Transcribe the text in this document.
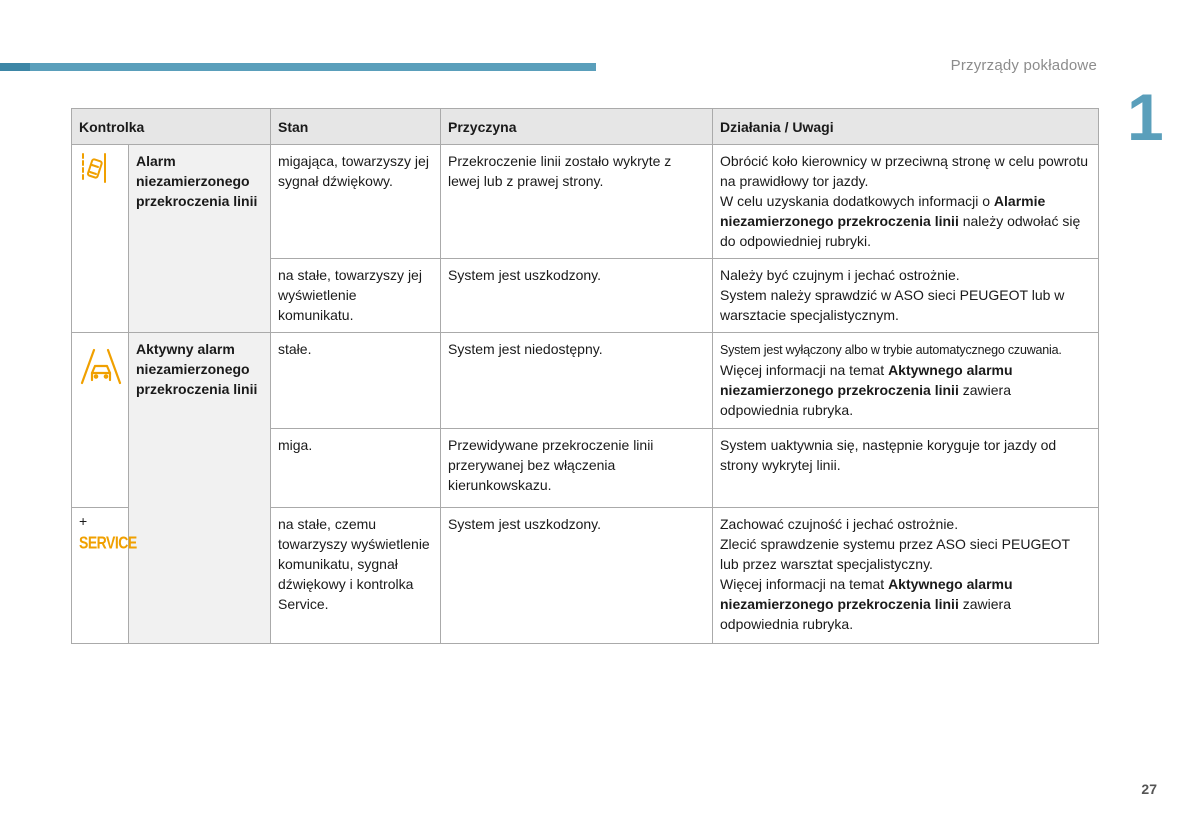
Przyrządy pokładowe
1
Kontrolka		Stan	Przyczyna	Działania / Uwagi
	Alarm niezamierzonego przekroczenia linii	migająca, towarzyszy jej sygnał dźwiękowy.	Przekroczenie linii zostało wykryte z lewej lub z prawej strony.	Obrócić koło kierownicy w przeciwną stronę w celu powrotu na prawidłowy tor jazdy.
W celu uzyskania dodatkowych informacji o Alarmie niezamierzonego przekroczenia linii należy odwołać się do odpowiedniej rubryki.
		na stałe, towarzyszy jej wyświetlenie komunikatu.	System jest uszkodzony.	Należy być czujnym i jechać ostrożnie.
System należy sprawdzić w ASO sieci PEUGEOT lub w warsztacie specjalistycznym.
	Aktywny alarm niezamierzonego przekroczenia linii	stałe.	System jest niedostępny.	System jest wyłączony albo w trybie automatycznego czuwania.
Więcej informacji na temat Aktywnego alarmu niezamierzonego przekroczenia linii zawiera odpowiednia rubryka.
		miga.	Przewidywane przekroczenie linii przerywanej bez włączenia kierunkowskazu.	System uaktywnia się, następnie koryguje tor jazdy od strony wykrytej linii.

+
SERVICE		na stałe, czemu towarzyszy wyświetlenie komunikatu, sygnał dźwiękowy i kontrolka Service.	System jest uszkodzony.	Zachować czujność i jechać ostrożnie.
Zlecić sprawdzenie systemu przez ASO sieci PEUGEOT lub przez warsztat specjalistyczny.
Więcej informacji na temat Aktywnego alarmu niezamierzonego przekroczenia linii zawiera odpowiednia rubryka.
27
